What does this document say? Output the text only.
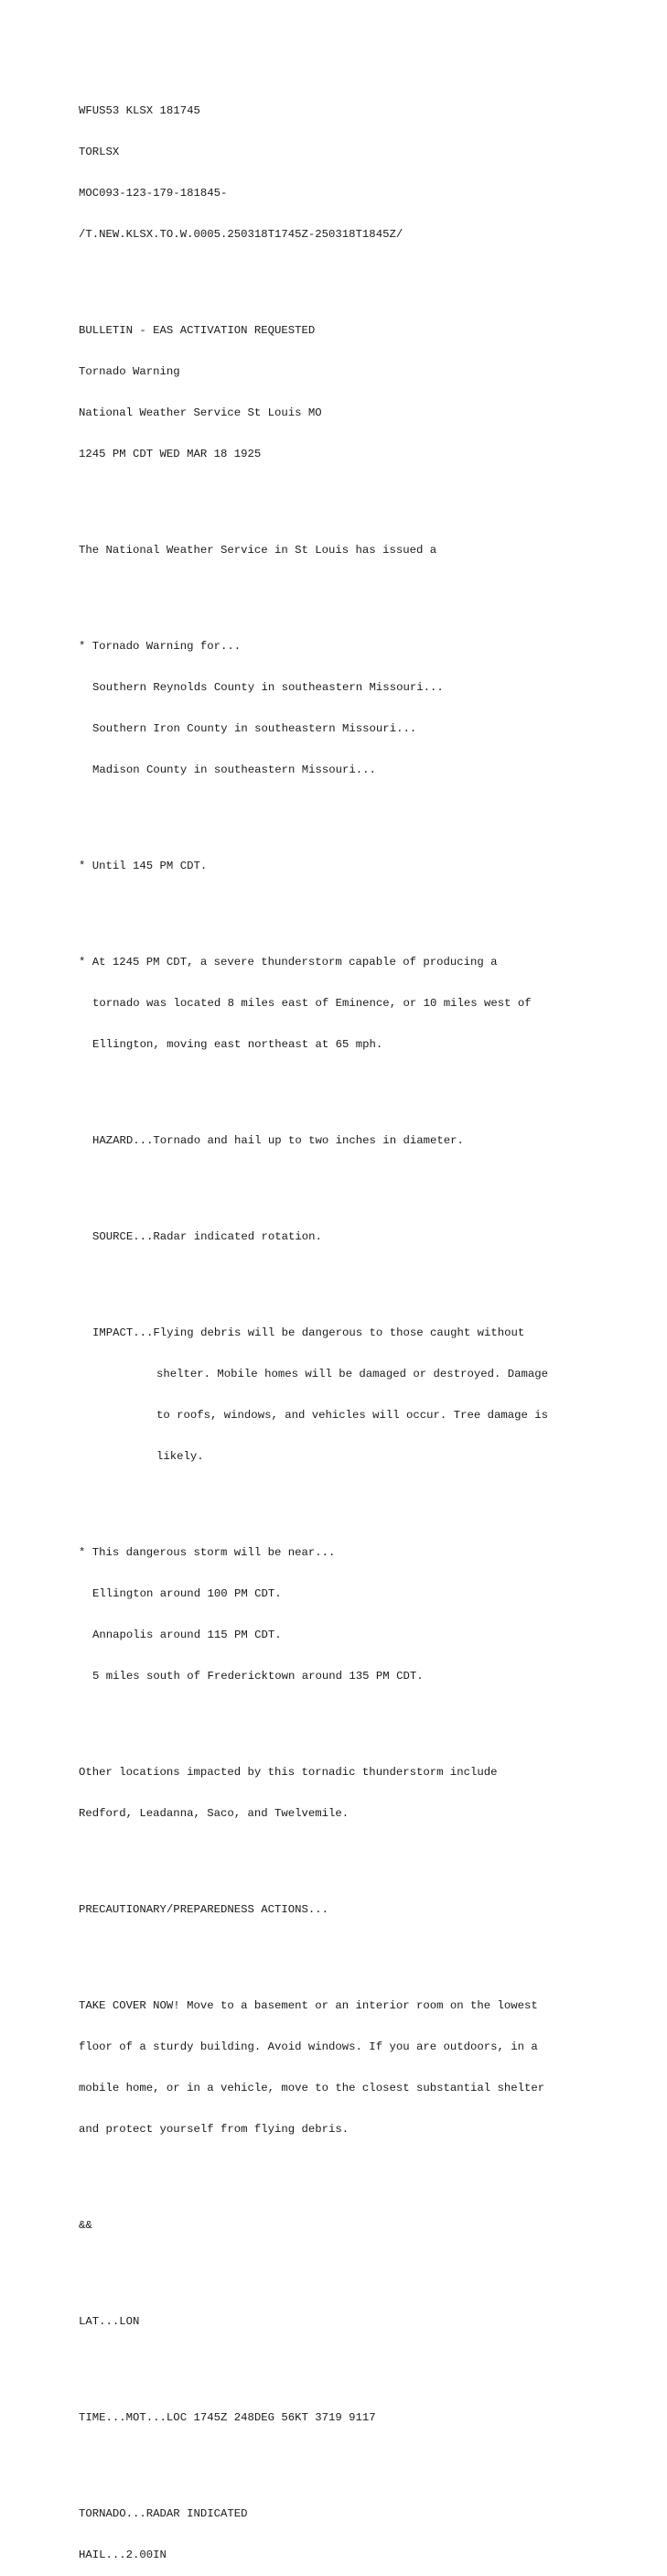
WFUS53 KLSX 181745

TORLSX

MOC093-123-179-181845-

/T.NEW.KLSX.TO.W.0005.250318T1745Z-250318T1845Z/

BULLETIN - EAS ACTIVATION REQUESTED

Tornado Warning

National Weather Service St Louis MO

1245 PM CDT WED MAR 18 1925

The National Weather Service in St Louis has issued a

* Tornado Warning for...

Southern Reynolds County in southeastern Missouri...

Southern Iron County in southeastern Missouri...

Madison County in southeastern Missouri...

* Until 145 PM CDT.

* At 1245 PM CDT, a severe thunderstorm capable of producing a

tornado was located 8 miles east of Eminence, or 10 miles west of

Ellington, moving east northeast at 65 mph.

HAZARD...Tornado and hail up to two inches in diameter.

SOURCE...Radar indicated rotation.

IMPACT...Flying debris will be dangerous to those caught without

shelter. Mobile homes will be damaged or destroyed. Damage

to roofs, windows, and vehicles will occur. Tree damage is

likely.

* This dangerous storm will be near...

Ellington around 100 PM CDT.

Annapolis around 115 PM CDT.

5 miles south of Fredericktown around 135 PM CDT.

Other locations impacted by this tornadic thunderstorm include

Redford, Leadanna, Saco, and Twelvemile.

PRECAUTIONARY/PREPAREDNESS ACTIONS...

TAKE COVER NOW! Move to a basement or an interior room on the lowest

floor of a sturdy building. Avoid windows. If you are outdoors, in a

mobile home, or in a vehicle, move to the closest substantial shelter

and protect yourself from flying debris.

&&

LAT...LON

TIME...MOT...LOC 1745Z 248DEG 56KT 3719 9117

TORNADO...RADAR INDICATED

HAIL...2.00IN
